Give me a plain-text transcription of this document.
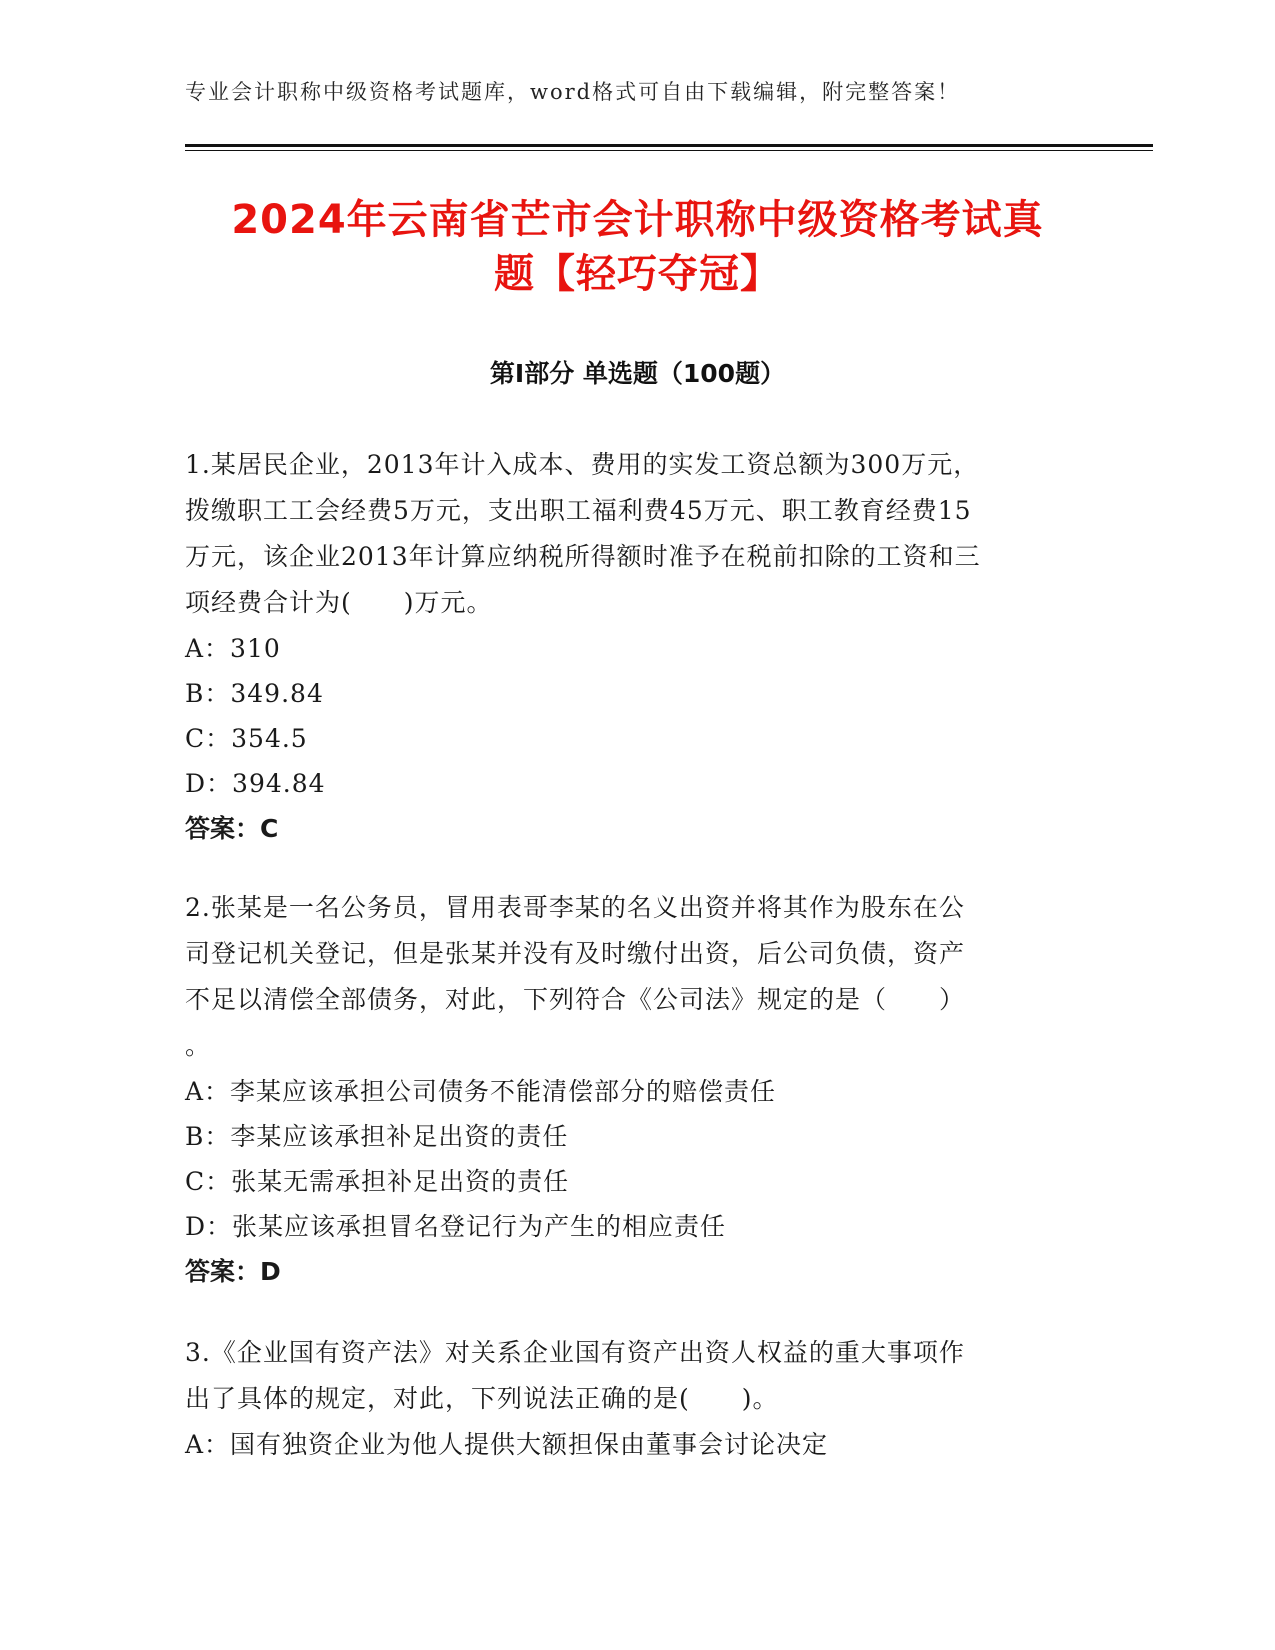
专业会计职称中级资格考试题库，word格式可自由下载编辑，附完整答案！
2024年云南省芒市会计职称中级资格考试真
题【轻巧夺冠】
第Ⅰ部分 单选题（100题）

1.某居民企业，2013年计入成本、费用的实发工资总额为300万元，

拨缴职工工会经费5万元，支出职工福利费45万元、职工教育经费15

万元，该企业2013年计算应纳税所得额时准予在税前扣除的工资和三

项经费合计为(　　)万元。

A：310

B：349.84

C：354.5

D：394.84

答案：C

2.张某是一名公务员，冒用表哥李某的名义出资并将其作为股东在公

司登记机关登记，但是张某并没有及时缴付出资，后公司负债，资产

不足以清偿全部债务，对此，下列符合《公司法》规定的是（　　）

。

A：李某应该承担公司债务不能清偿部分的赔偿责任

B：李某应该承担补足出资的责任

C：张某无需承担补足出资的责任

D：张某应该承担冒名登记行为产生的相应责任

答案：D

3.《企业国有资产法》对关系企业国有资产出资人权益的重大事项作

出了具体的规定，对此，下列说法正确的是(　　)。

A：国有独资企业为他人提供大额担保由董事会讨论决定
